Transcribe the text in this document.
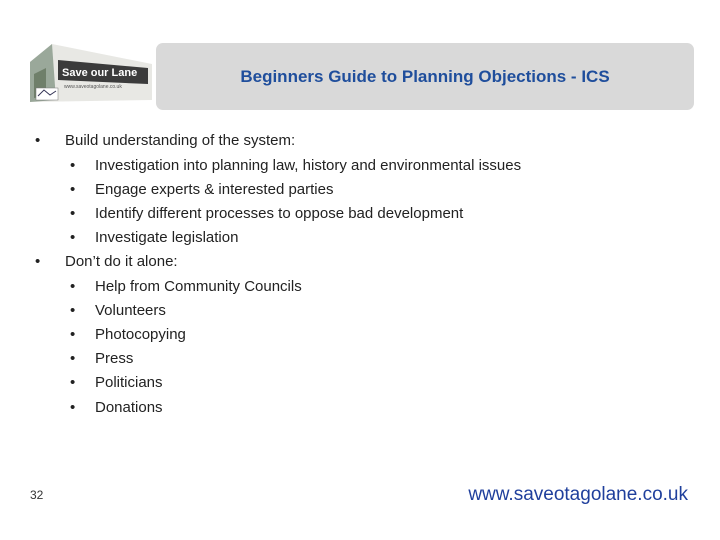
Save our Lane
www.saveotagolane.co.uk
Beginners Guide to Planning Objections - ICS
• Build understanding of the system:
• Investigation into planning law, history and environmental issues
• Engage experts & interested parties
• Identify different processes to oppose bad development
• Investigate legislation
• Don’t do it alone:
• Help from Community Councils
• Volunteers
• Photocopying
• Press
• Politicians
• Donations
32	www.saveotagolane.co.uk
